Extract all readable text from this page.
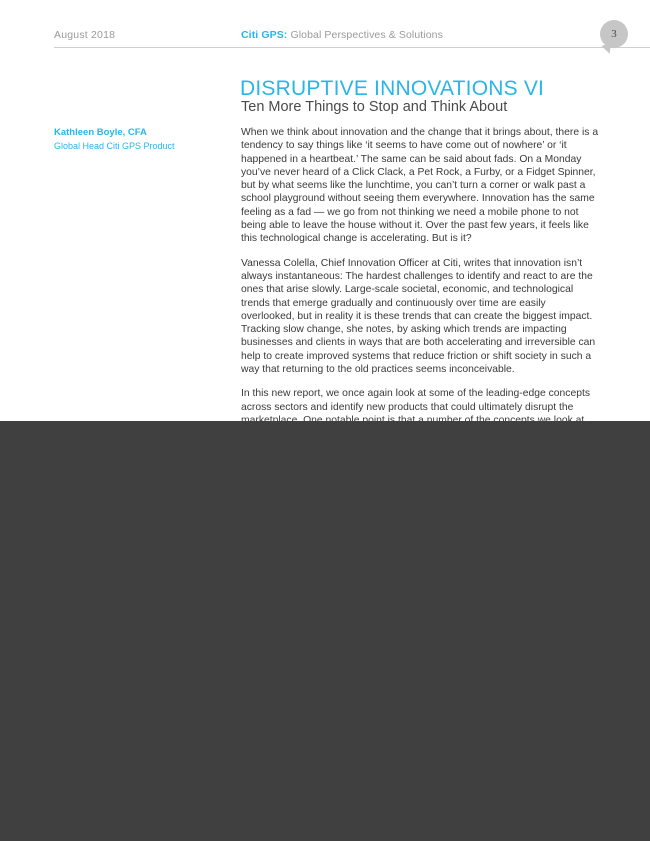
August 2018	Citi GPS: Global Perspectives & Solutions	3
DISRUPTIVE INNOVATIONS VI
Ten More Things to Stop and Think About
Kathleen Boyle, CFA
Global Head Citi GPS Product

When we think about innovation and the change that it brings about, there is a tendency to say things like ‘it seems to have come out of nowhere’ or ‘it happened in a heartbeat.’ The same can be said about fads. On a Monday you’ve never heard of a Click Clack, a Pet Rock, a Furby, or a Fidget Spinner, but by what seems like the lunchtime, you can’t turn a corner or walk past a school playground without seeing them everywhere. Innovation has the same feeling as a fad — we go from not thinking we need a mobile phone to not being able to leave the house without it. Over the past few years, it feels like this technological change is accelerating. But is it?

Vanessa Colella, Chief Innovation Officer at Citi, writes that innovation isn’t always instantaneous: The hardest challenges to identify and react to are the ones that arise slowly. Large-scale societal, economic, and technological trends that emerge gradually and continuously over time are easily overlooked, but in reality it is these trends that can create the biggest impact. Tracking slow change, she notes, by asking which trends are impacting businesses and clients in ways that are both accelerating and irreversible can help to create improved systems that reduce friction or shift society in such a way that returning to the old practices seems inconceivable.

In this new report, we once again look at some of the leading-edge concepts across sectors and identify new products that could ultimately disrupt the
